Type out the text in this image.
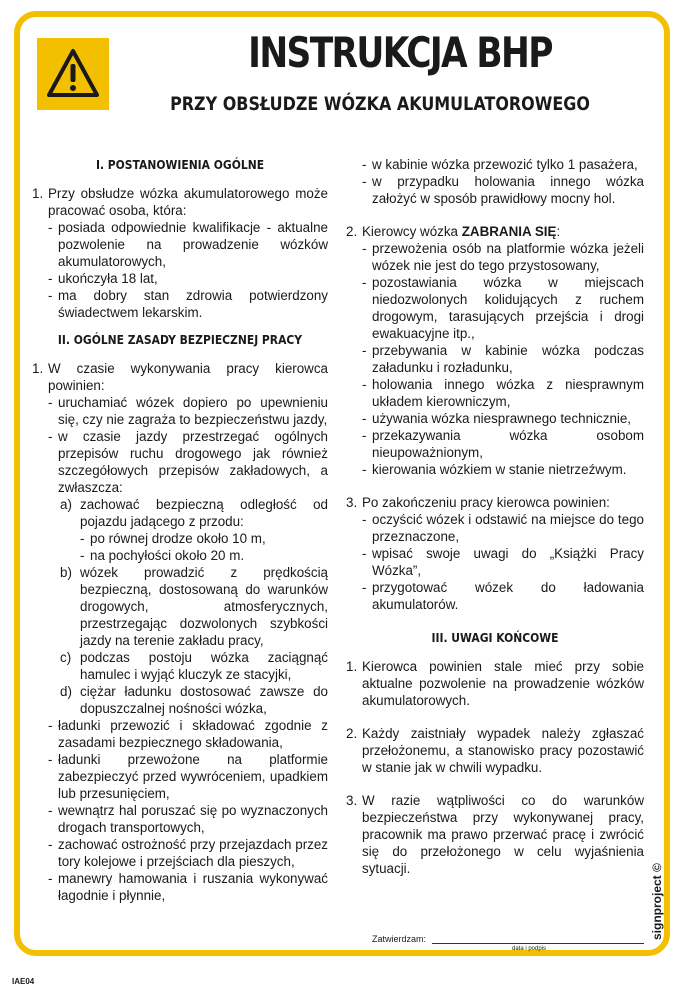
INSTRUKCJA BHP
PRZY OBSŁUDZE WÓZKA AKUMULATOROWEGO

I. POSTANOWIENIA OGÓLNE

1. Przy obsłudze wózka akumulatorowego może pracować osoba, która:
- posiada odpowiednie kwalifikacje - aktualne pozwolenie na prowadzenie wózków akumulatorowych,
- ukończyła 18 lat,
- ma dobry stan zdrowia potwierdzony świadectwem lekarskim.

II. OGÓLNE ZASADY BEZPIECZNEJ PRACY

1. W czasie wykonywania pracy kierowca powinien:
- uruchamiać wózek dopiero po upewnieniu się, czy nie zagraża to bezpieczeństwu jazdy,
- w czasie jazdy przestrzegać ogólnych przepisów ruchu drogowego jak również szczegółowych przepisów zakładowych, a zwłaszcza:
a) zachować bezpieczną odległość od pojazdu jadącego z przodu:
- po równej drodze około 10 m,
- na pochyłości około 20 m.
b) wózek prowadzić z prędkością bezpieczną, dostosowaną do warunków drogowych, atmosferycznych, przestrzegając dozwolonych szybkości jazdy na terenie zakładu pracy,
c) podczas postoju wózka zaciągnąć hamulec i wyjąć kluczyk ze stacyjki,
d) ciężar ładunku dostosować zawsze do dopuszczalnej nośności wózka,
- ładunki przewozić i składować zgodnie z zasadami bezpiecznego składowania,
- ładunki przewożone na platformie zabezpieczyć przed wywróceniem, upadkiem lub przesunięciem,
- wewnątrz hal poruszać się po wyznaczonych drogach transportowych,
- zachować ostrożność przy przejazdach przez tory kolejowe i przejściach dla pieszych,
- manewry hamowania i ruszania wykonywać łagodnie i płynnie,
- w kabinie wózka przewozić tylko 1 pasażera,
- w przypadku holowania innego wózka założyć w sposób prawidłowy mocny hol.
2. Kierowcy wózka ZABRANIA SIĘ:
- przewożenia osób na platformie wózka jeżeli wózek nie jest do tego przystosowany,
- pozostawiania wózka w miejscach niedozwolonych kolidujących z ruchem drogowym, tarasujących przejścia i drogi ewakuacyjne itp.,
- przebywania w kabinie wózka podczas załadunku i rozładunku,
- holowania innego wózka z niesprawnym układem kierowniczym,
- używania wózka niesprawnego technicznie,
- przekazywania wózka osobom nieupoważnionym,
- kierowania wózkiem w stanie nietrzeźwym.
3. Po zakończeniu pracy kierowca powinien:
- oczyścić wózek i odstawić na miejsce do tego przeznaczone,
- wpisać swoje uwagi do „Książki Pracy Wózka”,
- przygotować wózek do ładowania akumulatorów.

III. UWAGI KOŃCOWE

1. Kierowca powinien stale mieć przy sobie aktualne pozwolenie na prowadzenie wózków akumulatorowych.
2. Każdy zaistniały wypadek należy zgłaszać przełożonemu, a stanowisko pracy pozostawić w stanie jak w chwili wypadku.
3. W razie wątpliwości co do warunków bezpieczeństwa przy wykonywanej pracy, pracownik ma prawo przerwać pracę i zwrócić się do przełożonego w celu wyjaśnienia sytuacji.
Zatwierdzam:
data i podpis
signproject ©
IAE04
